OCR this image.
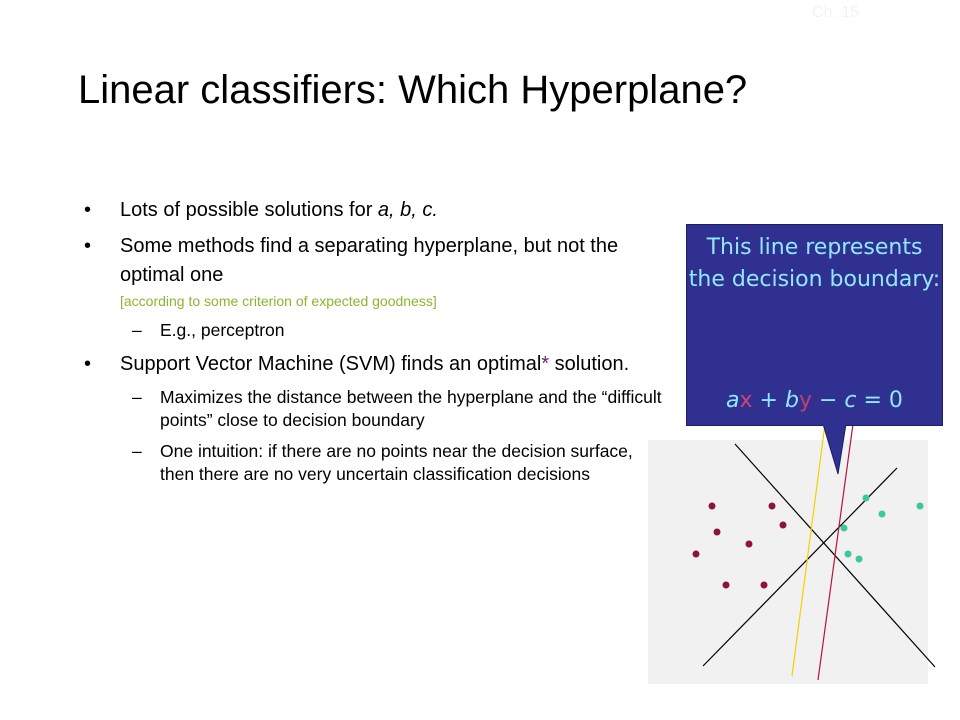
Ch. 15
Linear classifiers: Which Hyperplane?
• Lots of possible solutions for a, b, c.
• Some methods find a separating hyperplane, but not the optimal one
[according to some criterion of expected goodness]
– E.g., perceptron
• Support Vector Machine (SVM) finds an optimal* solution.
– Maximizes the distance between the hyperplane and the “difficult points” close to decision boundary
– One intuition: if there are no points near the decision surface, then there are no very uncertain classification decisions
This line represents the decision boundary:
ax + by − c = 0
